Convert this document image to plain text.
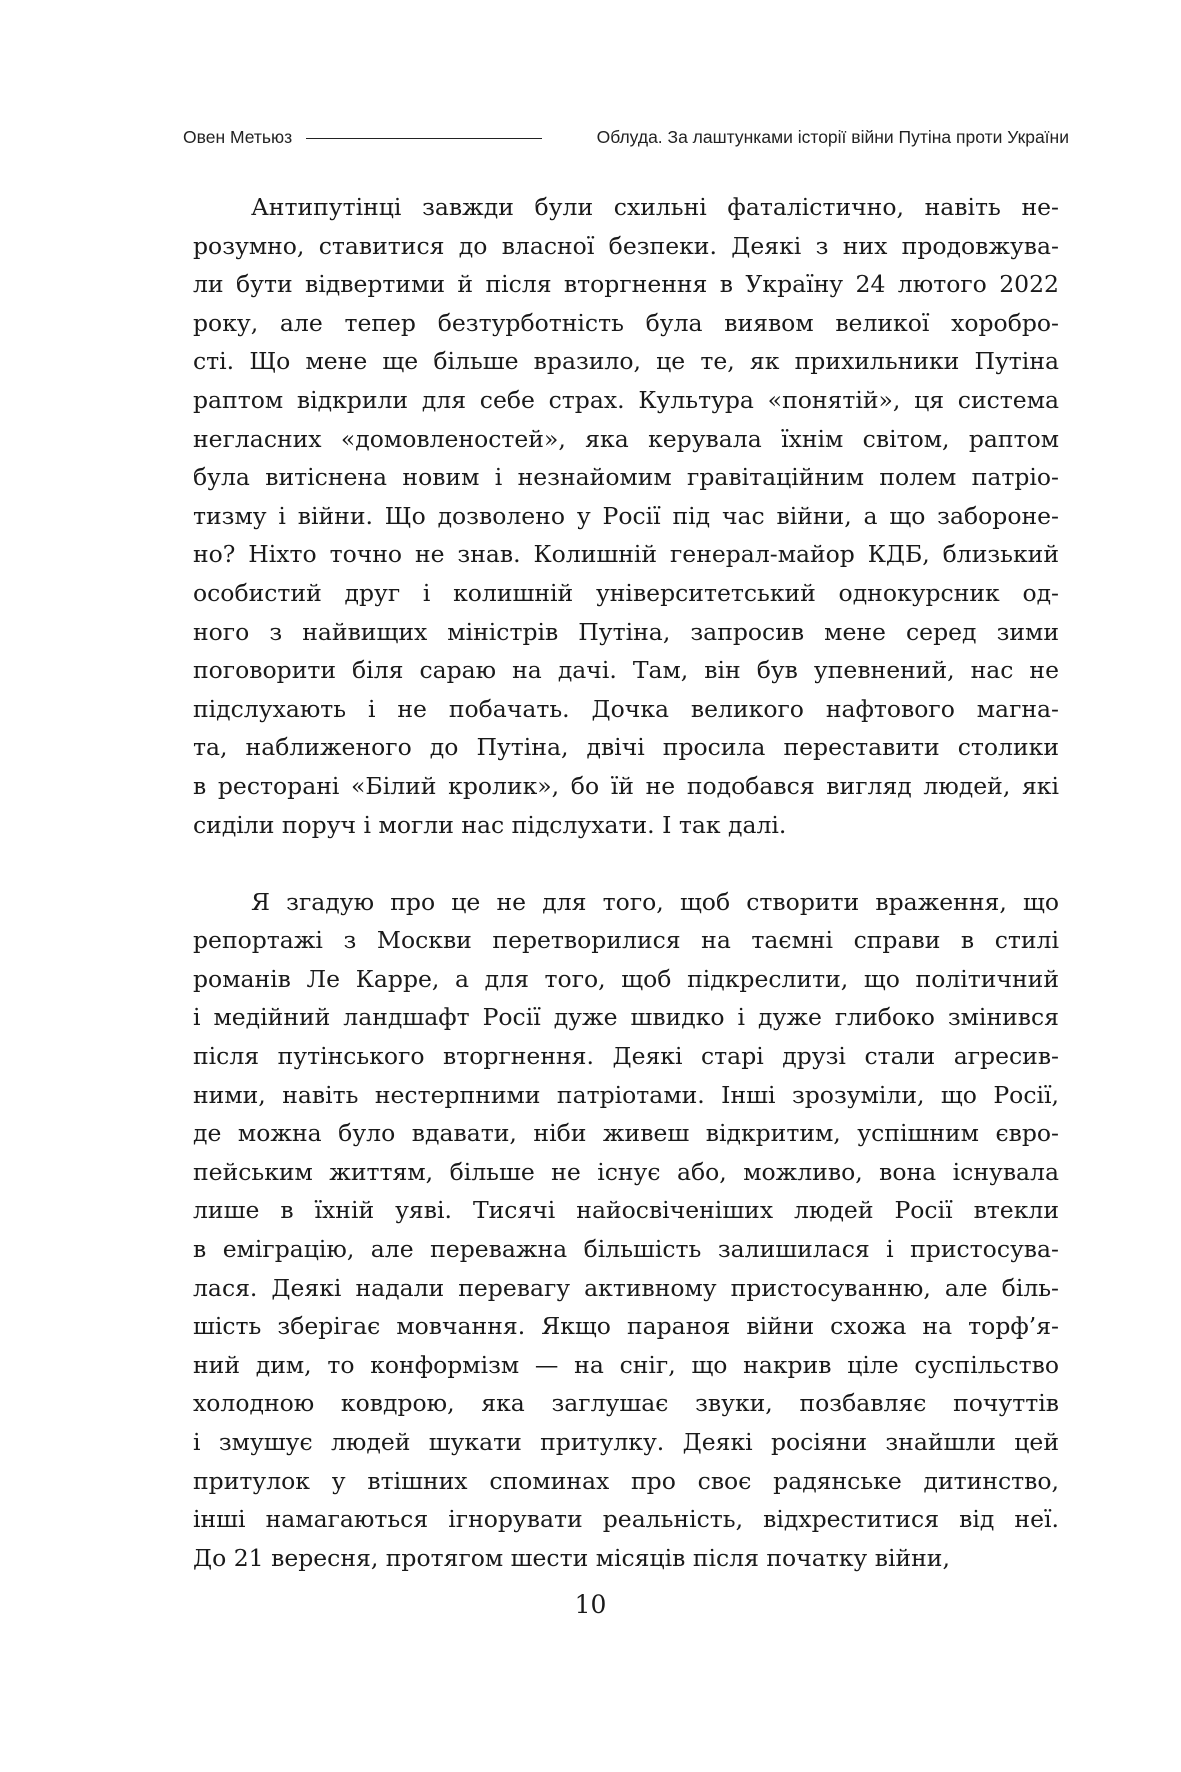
Овен Метьюз	Облуда. За лаштунками історії війни Путіна проти України
Антипутінці завжди були схильні фаталістично, навіть не-
розумно, ставитися до власної безпеки. Деякі з них продовжува-
ли бути відвертими й після вторгнення в Україну 24 лютого 2022
року, але тепер безтурботність була виявом великої хоробро-
сті. Що мене ще більше вразило, це те, як прихильники Путіна
раптом відкрили для себе страх. Культура «понятій», ця система
негласних «домовленостей», яка керувала їхнім світом, раптом
була витіснена новим і незнайомим гравітаційним полем патріо-
тизму і війни. Що дозволено у Росії під час війни, а що забороне-
но? Ніхто точно не знав. Колишній генерал-майор КДБ, близький
особистий друг і колишній університетський однокурсник од-
ного з найвищих міністрів Путіна, запросив мене серед зими
поговорити біля сараю на дачі. Там, він був упевнений, нас не
підслухають і не побачать. Дочка великого нафтового магна-
та, наближеного до Путіна, двічі просила переставити столики
в ресторані «Білий кролик», бо їй не подобався вигляд людей, які
сиділи поруч і могли нас підслухати. І так далі.
Я згадую про це не для того, щоб створити враження, що
репортажі з Москви перетворилися на таємні справи в стилі
романів Ле Карре, а для того, щоб підкреслити, що політичний
і медійний ландшафт Росії дуже швидко і дуже глибоко змінився
після путінського вторгнення. Деякі старі друзі стали агресив-
ними, навіть нестерпними патріотами. Інші зрозуміли, що Росії,
де можна було вдавати, ніби живеш відкритим, успішним євро-
пейським життям, більше не існує або, можливо, вона існувала
лише в їхній уяві. Тисячі найосвіченіших людей Росії втекли
в еміграцію, але переважна більшість залишилася і пристосува-
лася. Деякі надали перевагу активному пристосуванню, але біль-
шість зберігає мовчання. Якщо параноя війни схожа на торф’я-
ний дим, то конформізм — на сніг, що накрив ціле суспільство
холодною ковдрою, яка заглушає звуки, позбавляє почуттів
і змушує людей шукати притулку. Деякі росіяни знайшли цей
притулок у втішних споминах про своє радянське дитинство,
інші намагаються ігнорувати реальність, відхреститися від неї.
До 21 вересня, протягом шести місяців після початку війни,
10
